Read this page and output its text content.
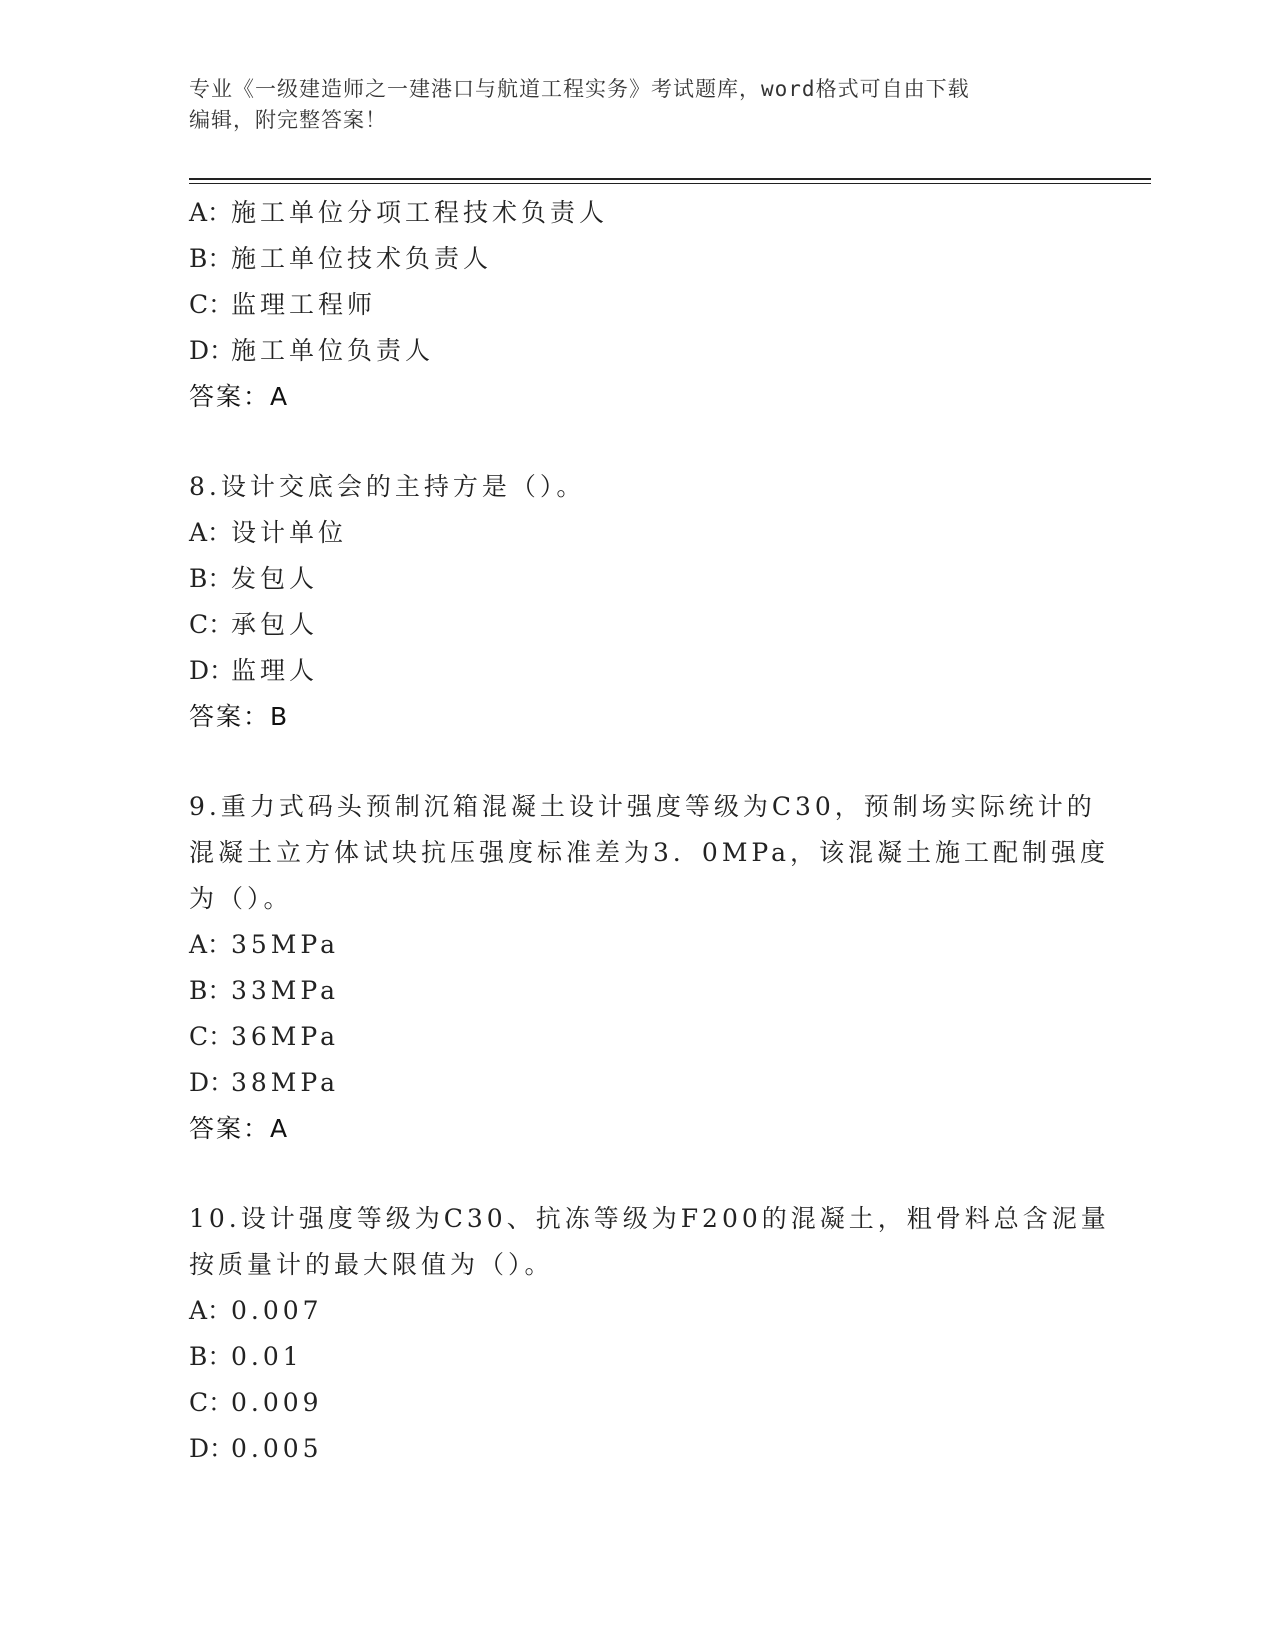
专业《一级建造师之一建港口与航道工程实务》考试题库，word格式可自由下载
编辑，附完整答案！
A：施工单位分项工程技术负责人
B：施工单位技术负责人
C：监理工程师
D：施工单位负责人
答案：A
8.设计交底会的主持方是（）。
A：设计单位
B：发包人
C：承包人
D：监理人
答案：B
9.重力式码头预制沉箱混凝土设计强度等级为C30，预制场实际统计的
混凝土立方体试块抗压强度标准差为3．0MPa，该混凝土施工配制强度
为（）。
A：35MPa
B：33MPa
C：36MPa
D：38MPa
答案：A
10.设计强度等级为C30、抗冻等级为F200的混凝土，粗骨料总含泥量
按质量计的最大限值为（）。
A：0.007
B：0.01
C：0.009
D：0.005
